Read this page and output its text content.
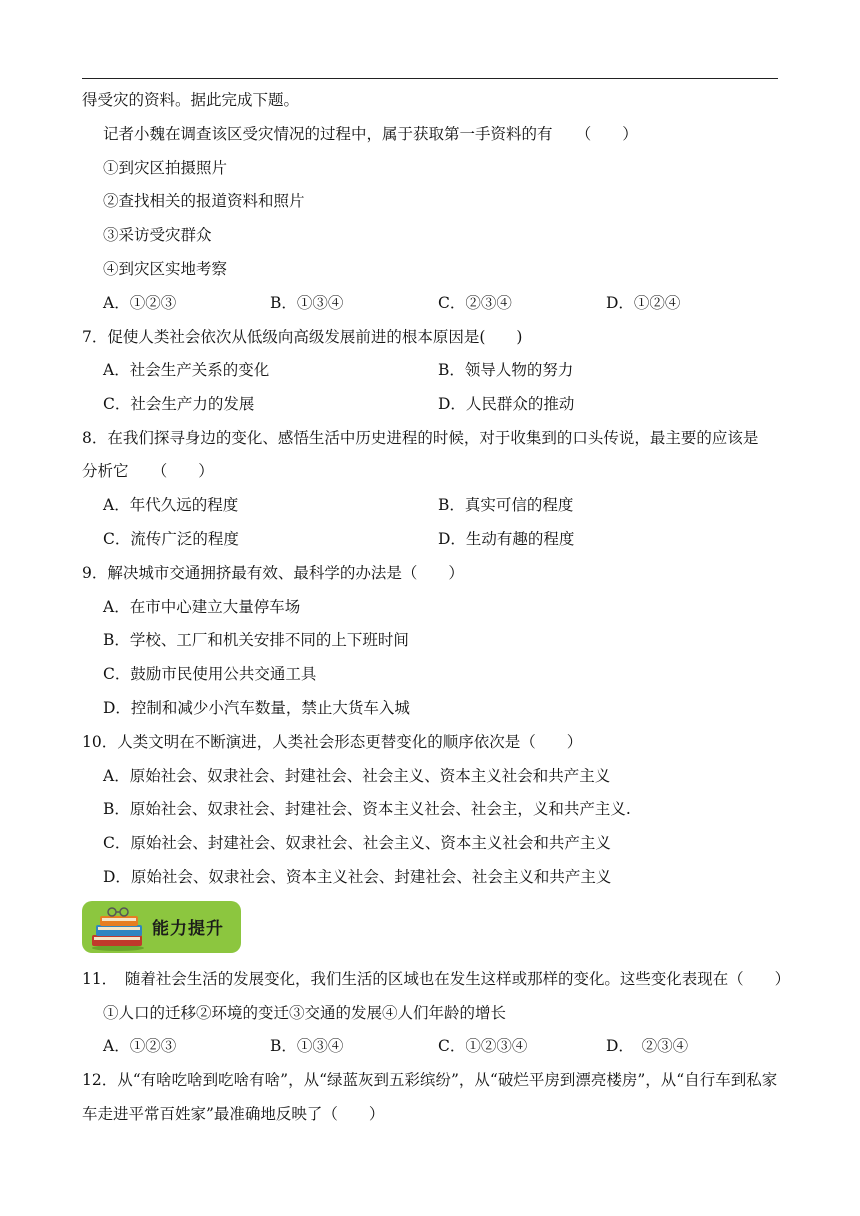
得受灾的资料。据此完成下题。
记者小魏在调查该区受灾情况的过程中，属于获取第一手资料的有　　（　　）
①到灾区拍摄照片
②查找相关的报道资料和照片
③采访受灾群众
④到灾区实地考察
A．①②③	B．①③④	C．②③④	D．①②④
7．促使人类社会依次从低级向高级发展前进的根本原因是(　　)
A．社会生产关系的变化	B．领导人物的努力
C．社会生产力的发展	D．人民群众的推动
8．在我们探寻身边的变化、感悟生活中历史进程的时候，对于收集到的口头传说，最主要的应该是
分析它　　（　　）
A．年代久远的程度	B．真实可信的程度
C．流传广泛的程度	D．生动有趣的程度
9．解决城市交通拥挤最有效、最科学的办法是（　　）
A．在市中心建立大量停车场
B．学校、工厂和机关安排不同的上下班时间
C．鼓励市民使用公共交通工具
D．控制和减少小汽车数量，禁止大货车入城
10．人类文明在不断演进，人类社会形态更替变化的顺序依次是（　　）
A．原始社会、奴隶社会、封建社会、社会主义、资本主义社会和共产主义
B．原始社会、奴隶社会、封建社会、资本主义社会、社会主，义和共产主义.
C．原始社会、封建社会、奴隶社会、社会主义、资本主义社会和共产主义
D．原始社会、奴隶社会、资本主义社会、封建社会、社会主义和共产主义
能力提升
11．　随着社会生活的发展变化，我们生活的区域也在发生这样或那样的变化。这些变化表现在（　　）
①人口的迁移②环境的变迁③交通的发展④人们年龄的增长
A．①②③	B．①③④	C．①②③④	D．　②③④
12．从“有啥吃啥到吃啥有啥”，从“绿蓝灰到五彩缤纷”，从“破烂平房到漂亮楼房”，从“自行车到私家
车走进平常百姓家”最准确地反映了（　　）
